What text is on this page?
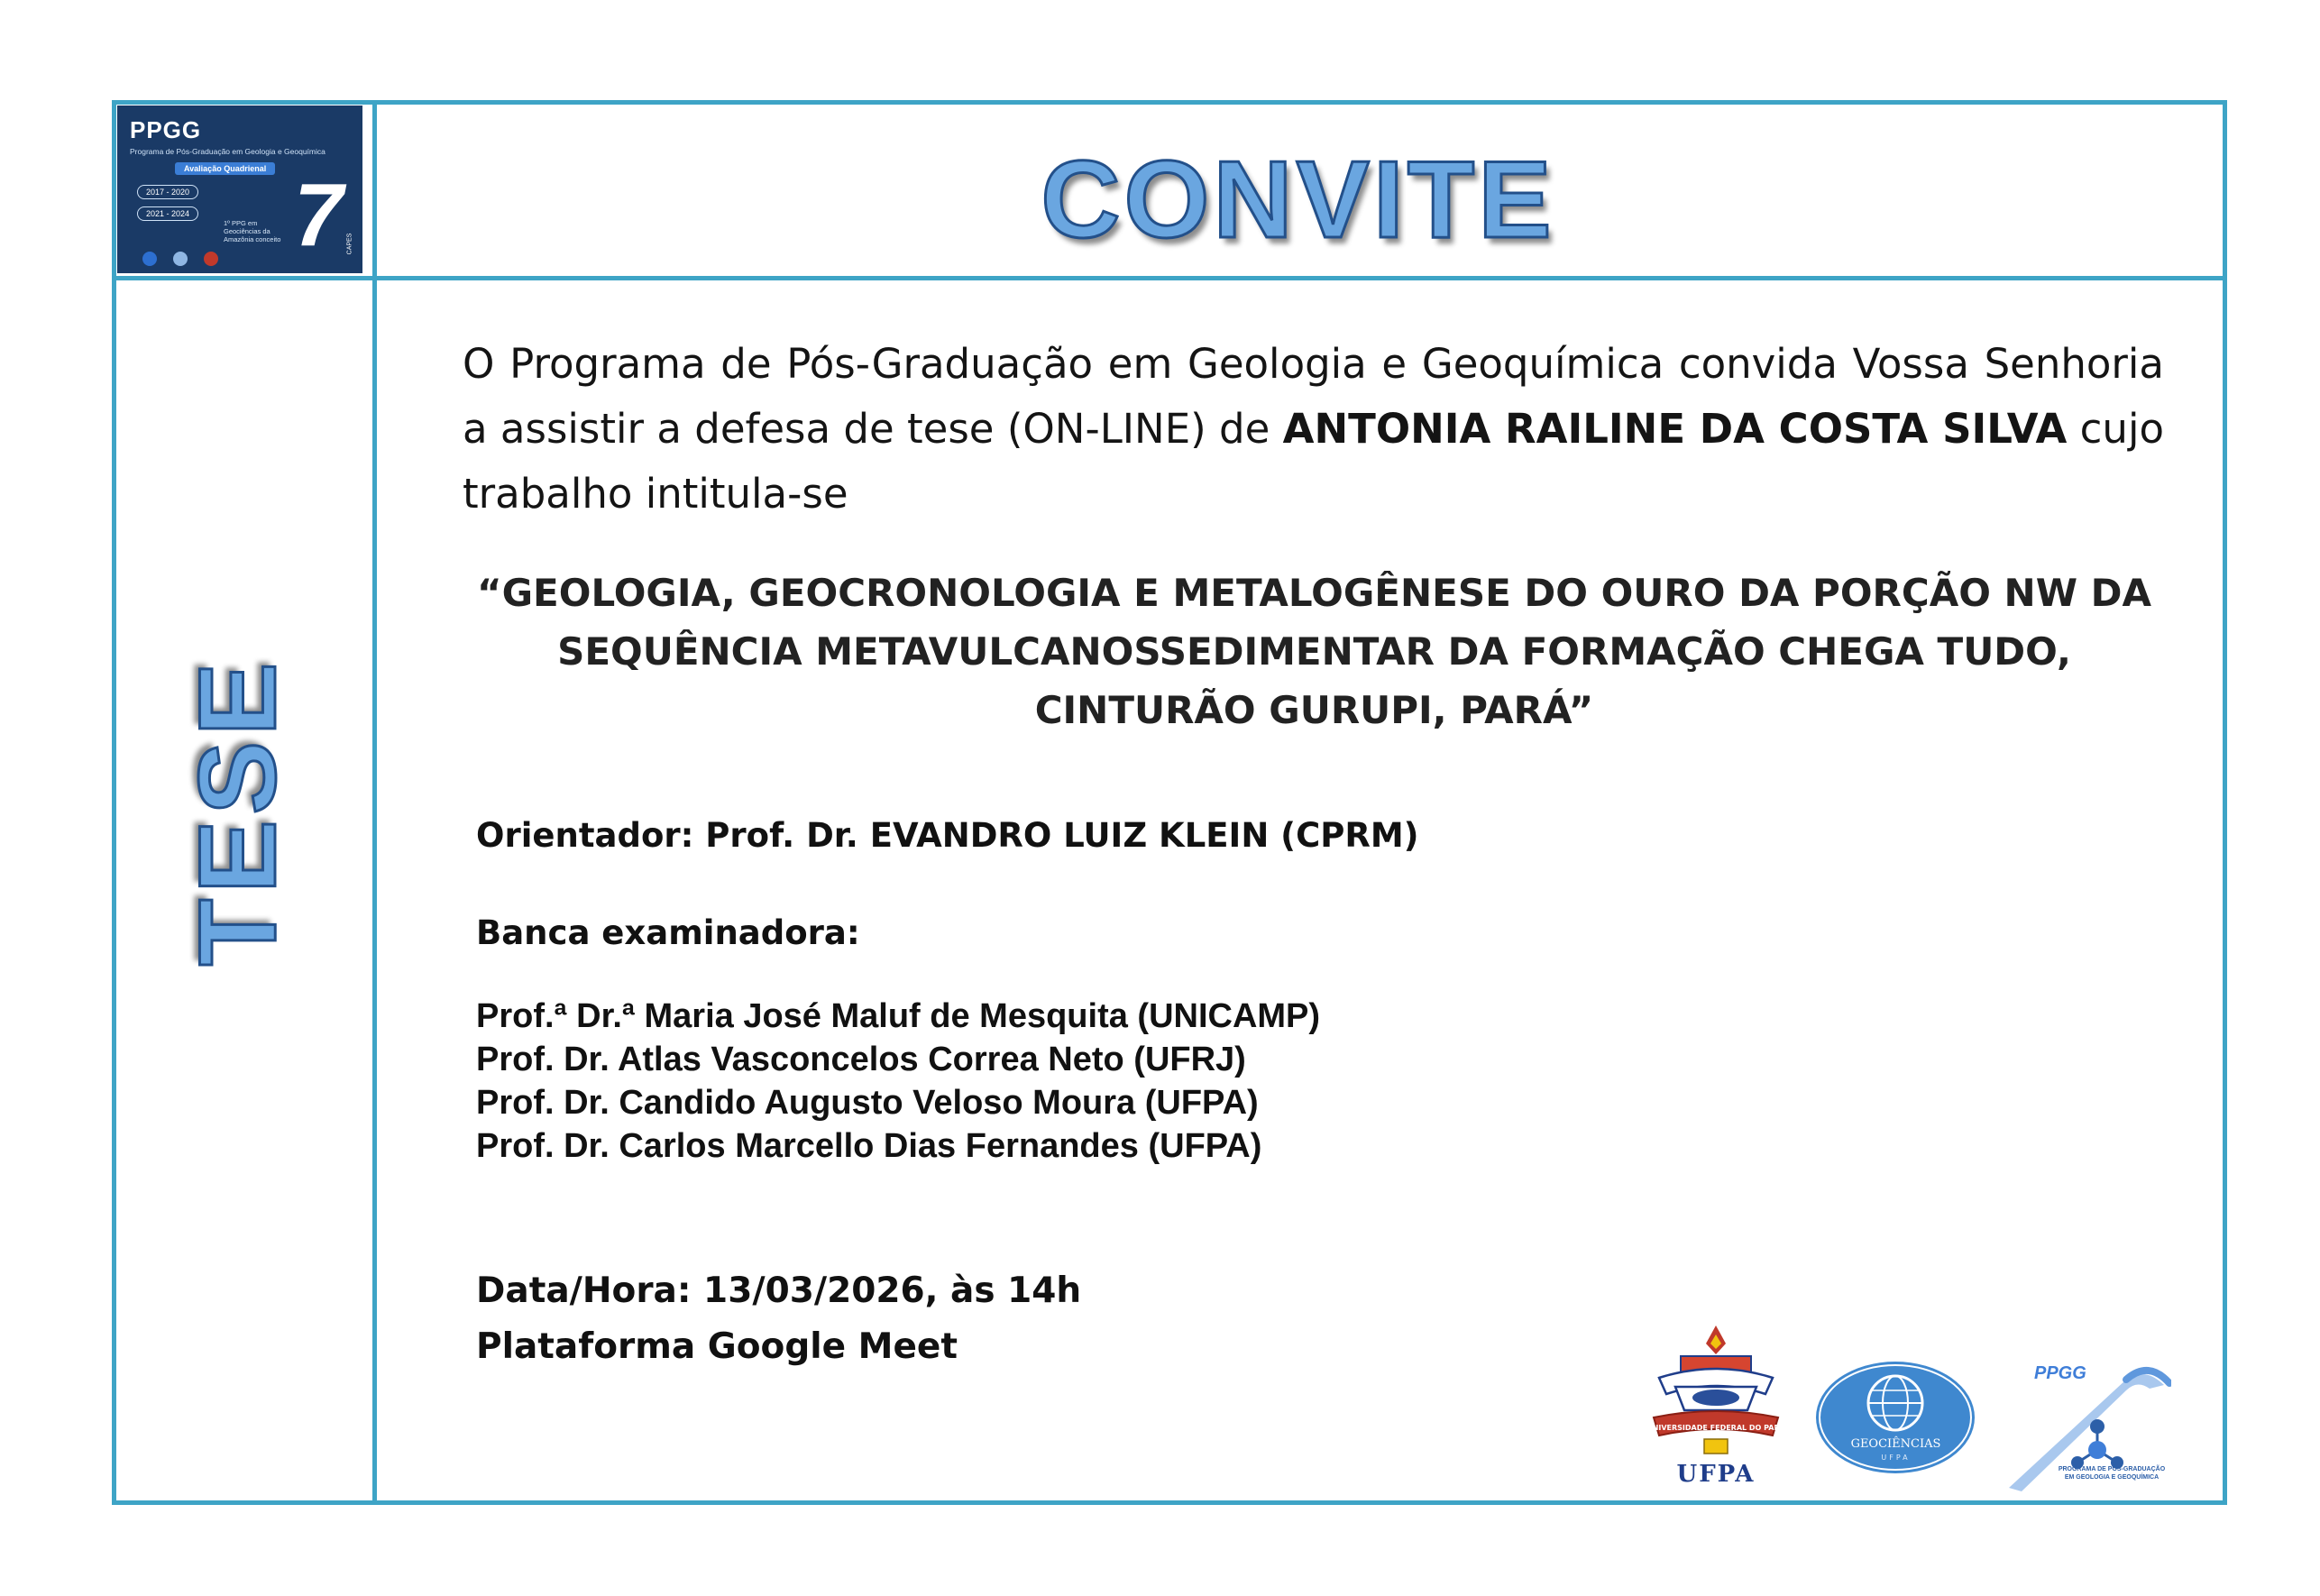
PPGG
Programa de Pós-Graduação em Geologia e Geoquímica
Avaliação Quadrienal
2017 - 2020
2021 - 2024
1º PPG em Geociências da Amazônia conceito 7 CAPES	CONVITE
TESE
O Programa de Pós-Graduação em Geologia e Geoquímica convida Vossa Senhoria a assistir a defesa de tese (ON-LINE) de ANTONIA RAILINE DA COSTA SILVA cujo trabalho intitula-se
“GEOLOGIA, GEOCRONOLOGIA E METALOGÊNESE DO OURO DA PORÇÃO NW DA SEQUÊNCIA METAVULCANOSSEDIMENTAR DA FORMAÇÃO CHEGA TUDO, CINTURÃO GURUPI, PARÁ”
Orientador: Prof. Dr. EVANDRO LUIZ KLEIN (CPRM)
Banca examinadora:
Prof.ª Dr.ª Maria José Maluf de Mesquita (UNICAMP)
Prof. Dr. Atlas Vasconcelos Correa Neto (UFRJ)
Prof. Dr. Candido Augusto Veloso Moura (UFPA)
Prof. Dr. Carlos Marcello Dias Fernandes (UFPA)
Data/Hora: 13/03/2026, às 14h
Plataforma Google Meet
UNIVERSIDADE FEDERAL DO PARÁ
UFPA
GEOCIÊNCIAS
UFPA
PPGG
PROGRAMA DE PÓS-GRADUAÇÃO EM GEOLOGIA E GEOQUÍMICA
